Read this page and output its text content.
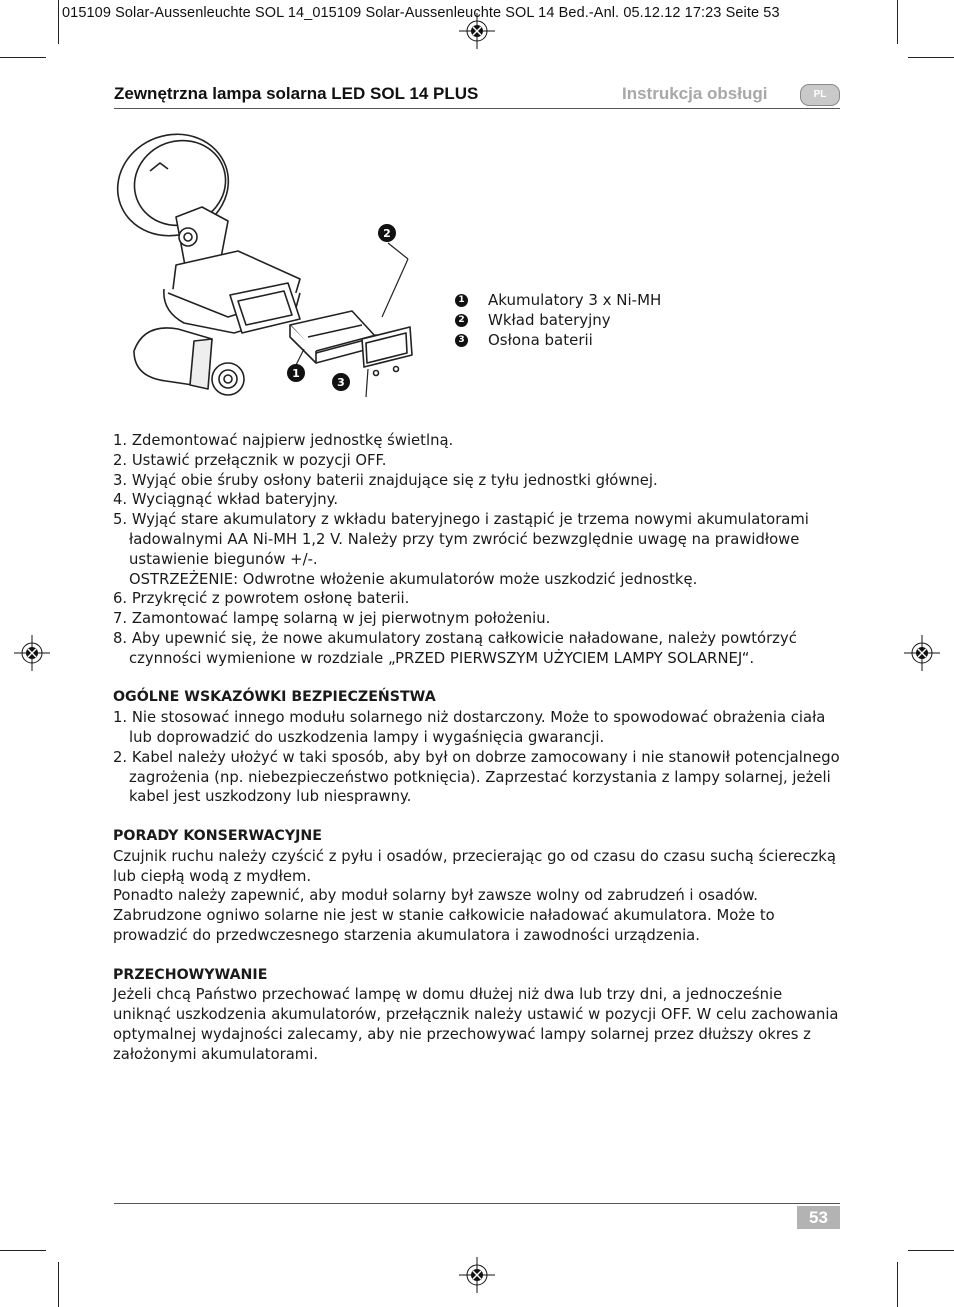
015109 Solar-Aussenleuchte SOL 14_015109 Solar-Aussenleuchte SOL 14 Bed.-Anl. 05.12.12 17:23 Seite 53
Zewnętrzna lampa solarna LED SOL 14 PLUS	Instrukcja obsługi	PL
2
1
3
1 Akumulatory 3 x Ni-MH
2 Wkład bateryjny
3 Osłona baterii
1. Zdemontować najpierw jednostkę świetlną.
2. Ustawić przełącznik w pozycji OFF.
3. Wyjąć obie śruby osłony baterii znajdujące się z tyłu jednostki głównej.
4. Wyciągnąć wkład bateryjny.
5. Wyjąć stare akumulatory z wkładu bateryjnego i zastąpić je trzema nowymi akumulatorami ładowalnymi AA Ni-MH 1,2 V. Należy przy tym zwrócić bezwzględnie uwagę na prawidłowe ustawienie biegunów +/-.
OSTRZEŻENIE: Odwrotne włożenie akumulatorów może uszkodzić jednostkę.
6. Przykręcić z powrotem osłonę baterii.
7. Zamontować lampę solarną w jej pierwotnym położeniu.
8. Aby upewnić się, że nowe akumulatory zostaną całkowicie naładowane, należy powtórzyć czynności wymienione w rozdziale „PRZED PIERWSZYM UŻYCIEM LAMPY SOLARNEJ“.
OGÓLNE WSKAZÓWKI BEZPIECZEŃSTWA
1. Nie stosować innego modułu solarnego niż dostarczony. Może to spowodować obrażenia ciała lub doprowadzić do uszkodzenia lampy i wygaśnięcia gwarancji.
2. Kabel należy ułożyć w taki sposób, aby był on dobrze zamocowany i nie stanowił potencjalnego zagrożenia (np. niebezpieczeństwo potknięcia). Zaprzestać korzystania z lampy solarnej, jeżeli kabel jest uszkodzony lub niesprawny.
PORADY KONSERWACYJNE
Czujnik ruchu należy czyścić z pyłu i osadów, przecierając go od czasu do czasu suchą ściereczką lub ciepłą wodą z mydłem.
Ponadto należy zapewnić, aby moduł solarny był zawsze wolny od zabrudzeń i osadów. Zabrudzone ogniwo solarne nie jest w stanie całkowicie naładować akumulatora. Może to prowadzić do przedwczesnego starzenia akumulatora i zawodności urządzenia.
PRZECHOWYWANIE
Jeżeli chcą Państwo przechować lampę w domu dłużej niż dwa lub trzy dni, a jednocześnie uniknąć uszkodzenia akumulatorów, przełącznik należy ustawić w pozycji OFF. W celu zachowania optymalnej wydajności zalecamy, aby nie przechowywać lampy solarnej przez dłuższy okres z założonymi akumulatorami.
53
